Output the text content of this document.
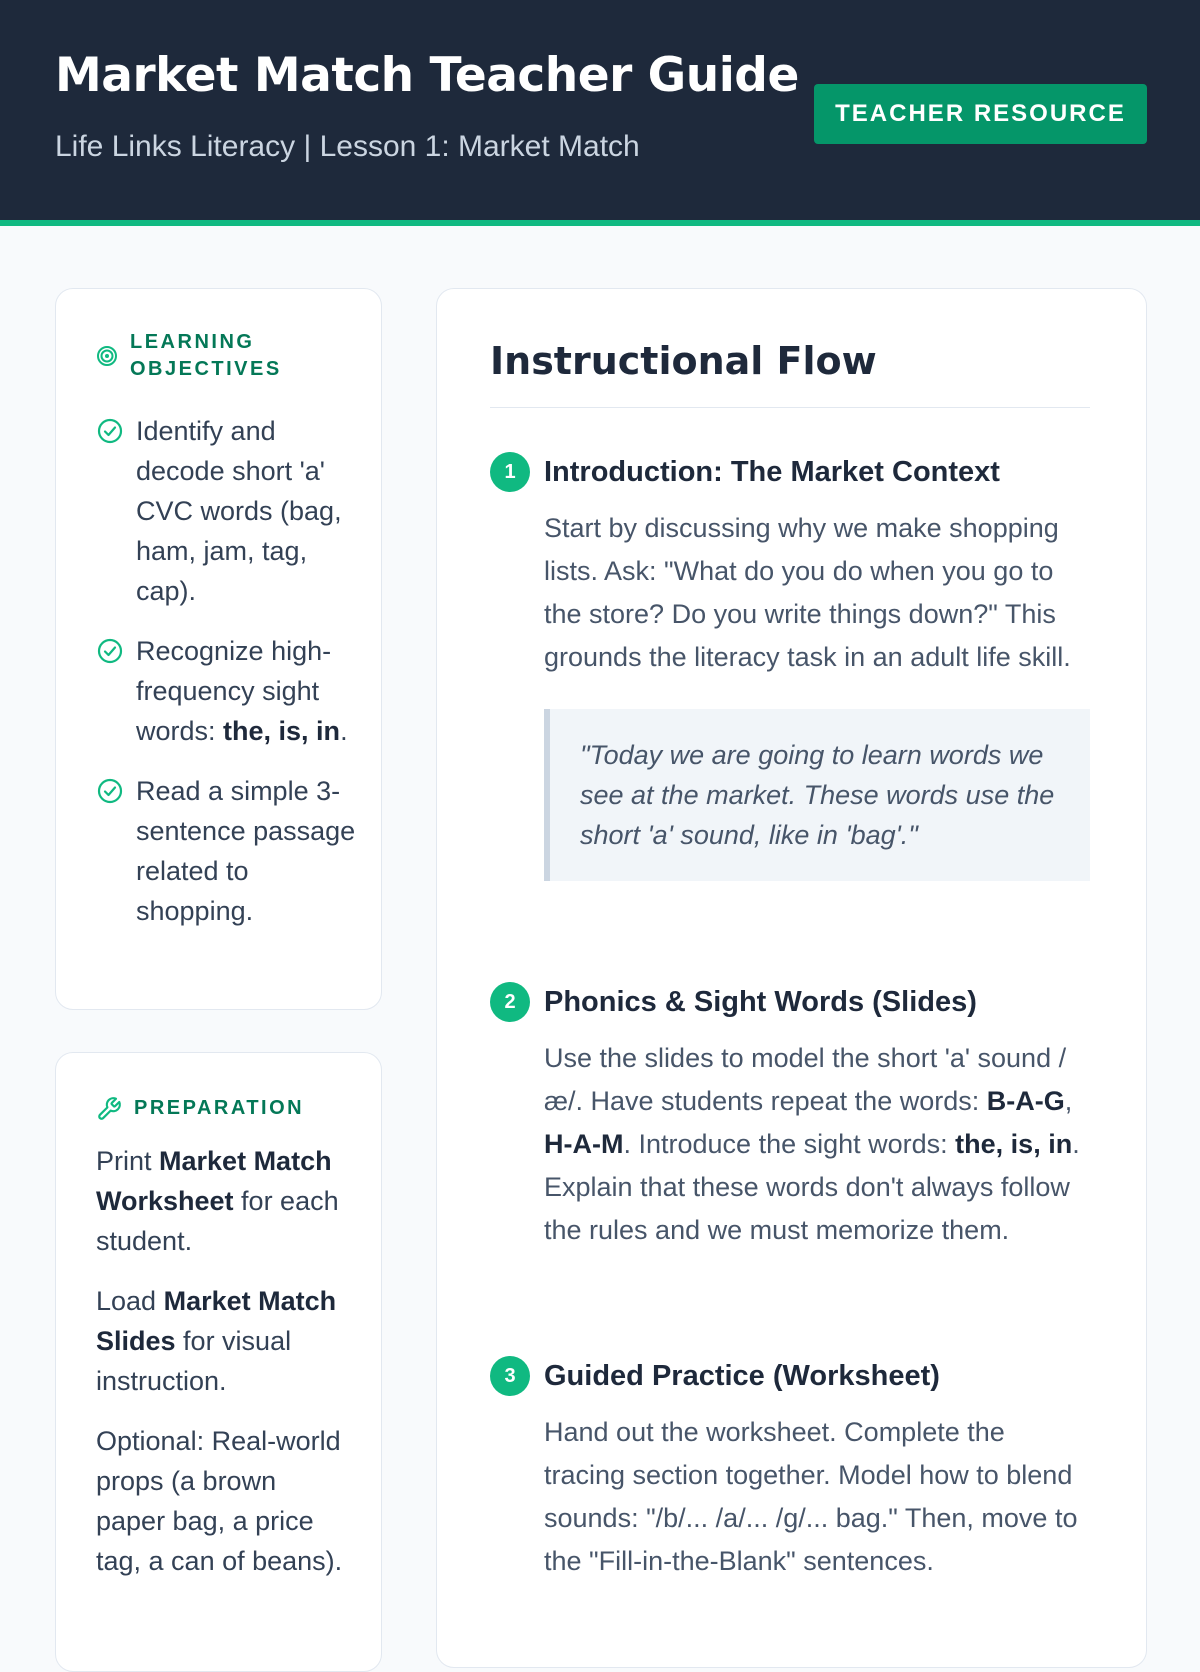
Market Match Teacher Guide
Life Links Literacy | Lesson 1: Market Match
TEACHER RESOURCE
LEARNING
OBJECTIVES
Identify and decode short 'a' CVC words (bag, ham, jam, tag, cap).
Recognize high-frequency sight words: the, is, in.
Read a simple 3-sentence passage related to shopping.
PREPARATION

Print Market Match Worksheet for each student.

Load Market Match Slides for visual instruction.

Optional: Real-world props (a brown paper bag, a price tag, a can of beans).

Instructional Flow
1 Introduction: The Market Context
Start by discussing why we make shopping lists. Ask: "What do you do when you go to the store? Do you write things down?" This grounds the literacy task in an adult life skill.
"Today we are going to learn words we see at the market. These words use the short 'a' sound, like in 'bag'."
2 Phonics & Sight Words (Slides)
Use the slides to model the short 'a' sound /æ/. Have students repeat the words: B-A-G, H-A-M. Introduce the sight words: the, is, in. Explain that these words don't always follow the rules and we must memorize them.
3 Guided Practice (Worksheet)
Hand out the worksheet. Complete the tracing section together. Model how to blend sounds: "/b/... /a/... /g/... bag." Then, move to the "Fill-in-the-Blank" sentences.
